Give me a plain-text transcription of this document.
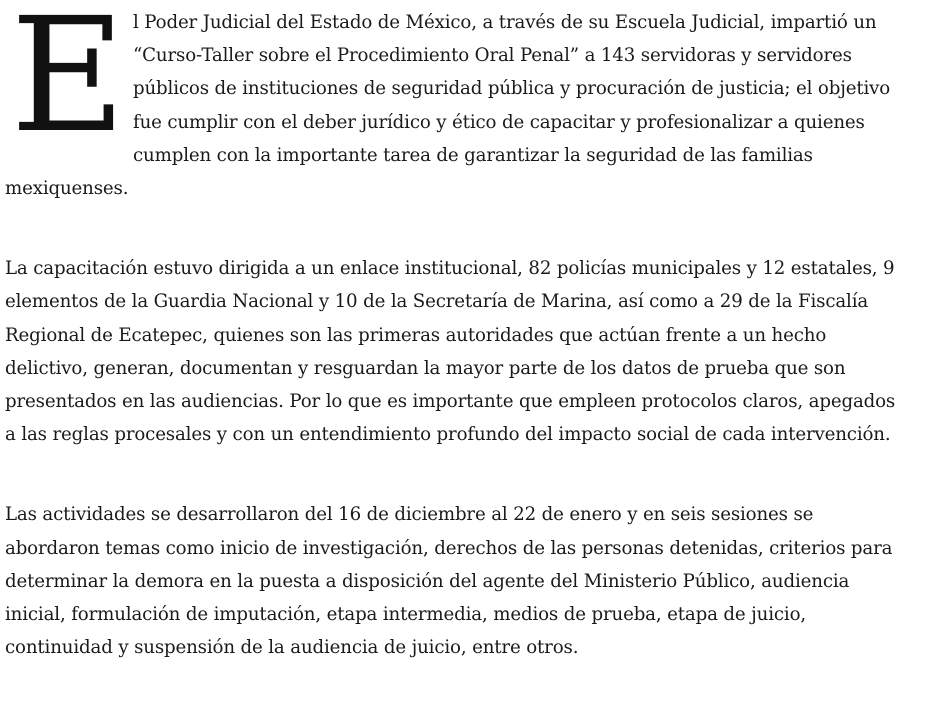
El Poder Judicial del Estado de México, a través de su Escuela Judicial, impartió un “Curso-Taller sobre el Procedimiento Oral Penal” a 143 servidoras y servidores públicos de instituciones de seguridad pública y procuración de justicia; el objetivo fue cumplir con el deber jurídico y ético de capacitar y profesionalizar a quienes cumplen con la importante tarea de garantizar la seguridad de las familias mexiquenses.

La capacitación estuvo dirigida a un enlace institucional, 82 policías municipales y 12 estatales, 9 elementos de la Guardia Nacional y 10 de la Secretaría de Marina, así como a 29 de la Fiscalía Regional de Ecatepec, quienes son las primeras autoridades que actúan frente a un hecho delictivo, generan, documentan y resguardan la mayor parte de los datos de prueba que son presentados en las audiencias. Por lo que es importante que empleen protocolos claros, apegados a las reglas procesales y con un entendimiento profundo del impacto social de cada intervención.

Las actividades se desarrollaron del 16 de diciembre al 22 de enero y en seis sesiones se abordaron temas como inicio de investigación, derechos de las personas detenidas, criterios para determinar la demora en la puesta a disposición del agente del Ministerio Público, audiencia inicial, formulación de imputación, etapa intermedia, medios de prueba, etapa de juicio, continuidad y suspensión de la audiencia de juicio, entre otros.
